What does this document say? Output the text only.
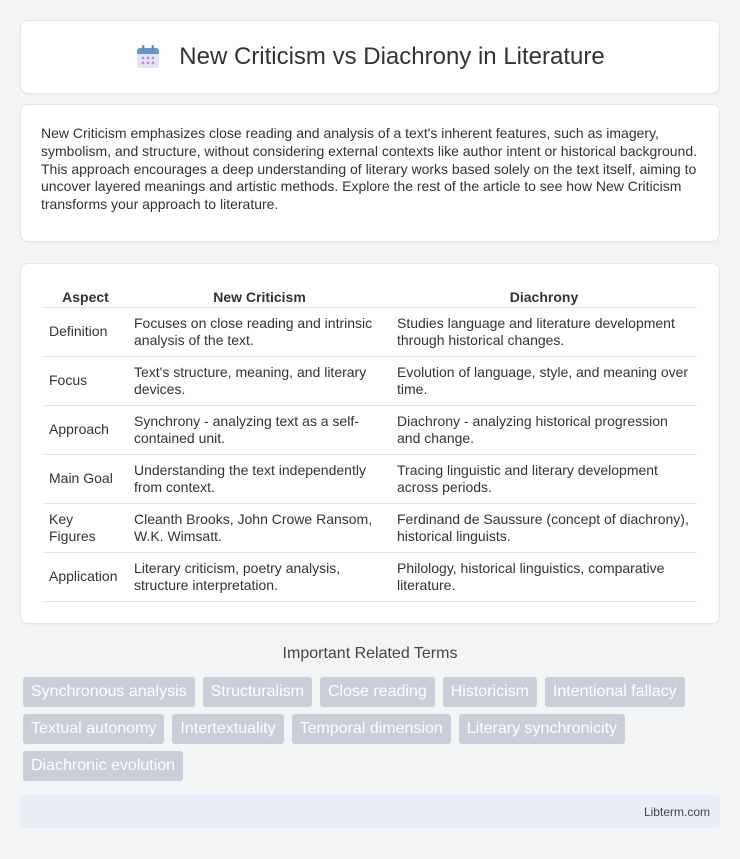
New Criticism vs Diachrony in Literature

New Criticism emphasizes close reading and analysis of a text's inherent features, such as imagery, symbolism, and structure, without considering external contexts like author intent or historical background. This approach encourages a deep understanding of literary works based solely on the text itself, aiming to uncover layered meanings and artistic methods. Explore the rest of the article to see how New Criticism transforms your approach to literature.

Aspect	New Criticism	Diachrony
Definition	Focuses on close reading and intrinsic analysis of the text.	Studies language and literature development through historical changes.
Focus	Text's structure, meaning, and literary devices.	Evolution of language, style, and meaning over time.
Approach	Synchrony - analyzing text as a self-contained unit.	Diachrony - analyzing historical progression and change.
Main Goal	Understanding the text independently from context.	Tracing linguistic and literary development across periods.
Key Figures	Cleanth Brooks, John Crowe Ransom, W.K. Wimsatt.	Ferdinand de Saussure (concept of diachrony), historical linguists.
Application	Literary criticism, poetry analysis, structure interpretation.	Philology, historical linguistics, comparative literature.
Important Related Terms
Synchronous analysis	Structuralism	Close reading	Historicism	Intentional fallacy
Textual autonomy	Intertextuality	Temporal dimension	Literary synchronicity
Diachronic evolution
Libterm.com
